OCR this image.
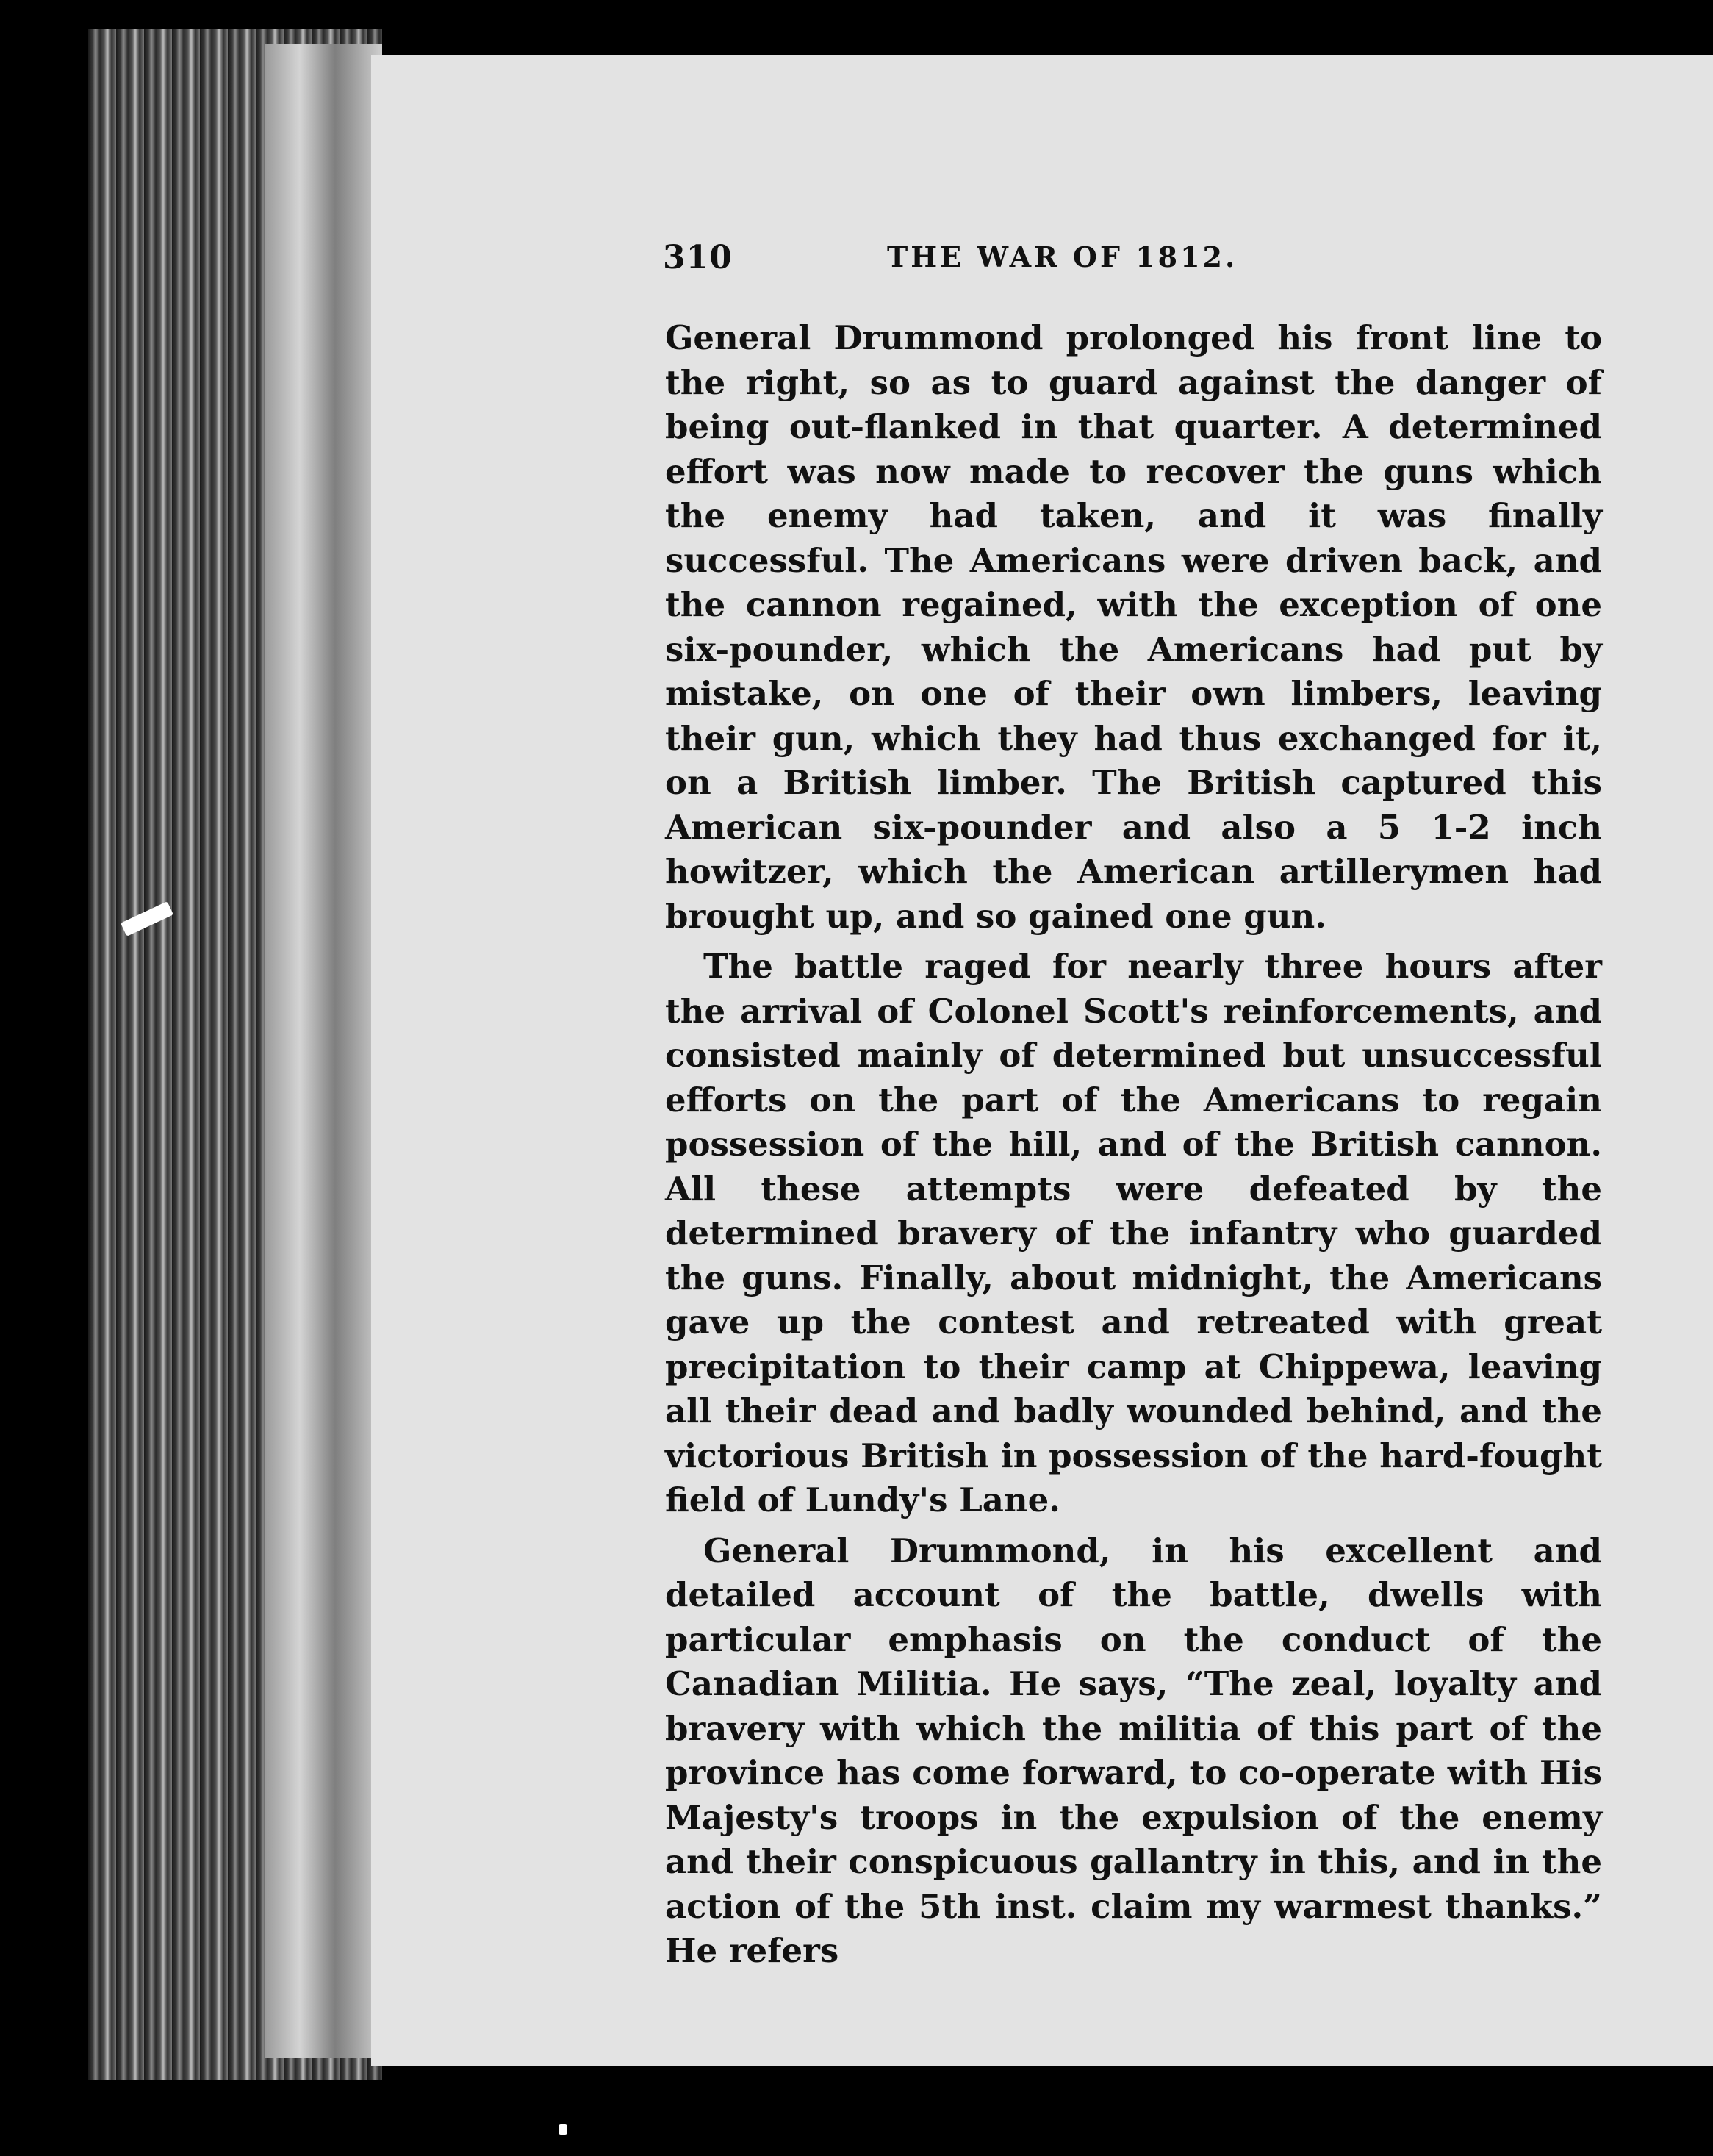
310	THE WAR OF 1812.

General Drummond prolonged his front line to the right, so as to guard against the danger of being out-flanked in that quarter. A determined effort was now made to recover the guns which the enemy had taken, and it was finally successful. The Americans were driven back, and the cannon regained, with the exception of one six-pounder, which the Americans had put by mistake, on one of their own limbers, leaving their gun, which they had thus exchanged for it, on a British limber. The British captured this American six-pounder and also a 5 1-2 inch howitzer, which the American artillerymen had brought up, and so gained one gun.

The battle raged for nearly three hours after the arrival of Colonel Scott's reinforcements, and consisted mainly of determined but unsuccessful efforts on the part of the Americans to regain possession of the hill, and of the British cannon. All these attempts were defeated by the determined bravery of the infantry who guarded the guns. Finally, about midnight, the Americans gave up the contest and retreated with great precipitation to their camp at Chippewa, leaving all their dead and badly wounded behind, and the victorious British in possession of the hard-fought field of Lundy's Lane.

General Drummond, in his excellent and detailed account of the battle, dwells with particular emphasis on the conduct of the Canadian Militia. He says, “The zeal, loyalty and bravery with which the militia of this part of the province has come forward, to co-operate with His Majesty's troops in the expulsion of the enemy and their conspicuous gallantry in this, and in the action of the 5th inst. claim my warmest thanks.” He refers
